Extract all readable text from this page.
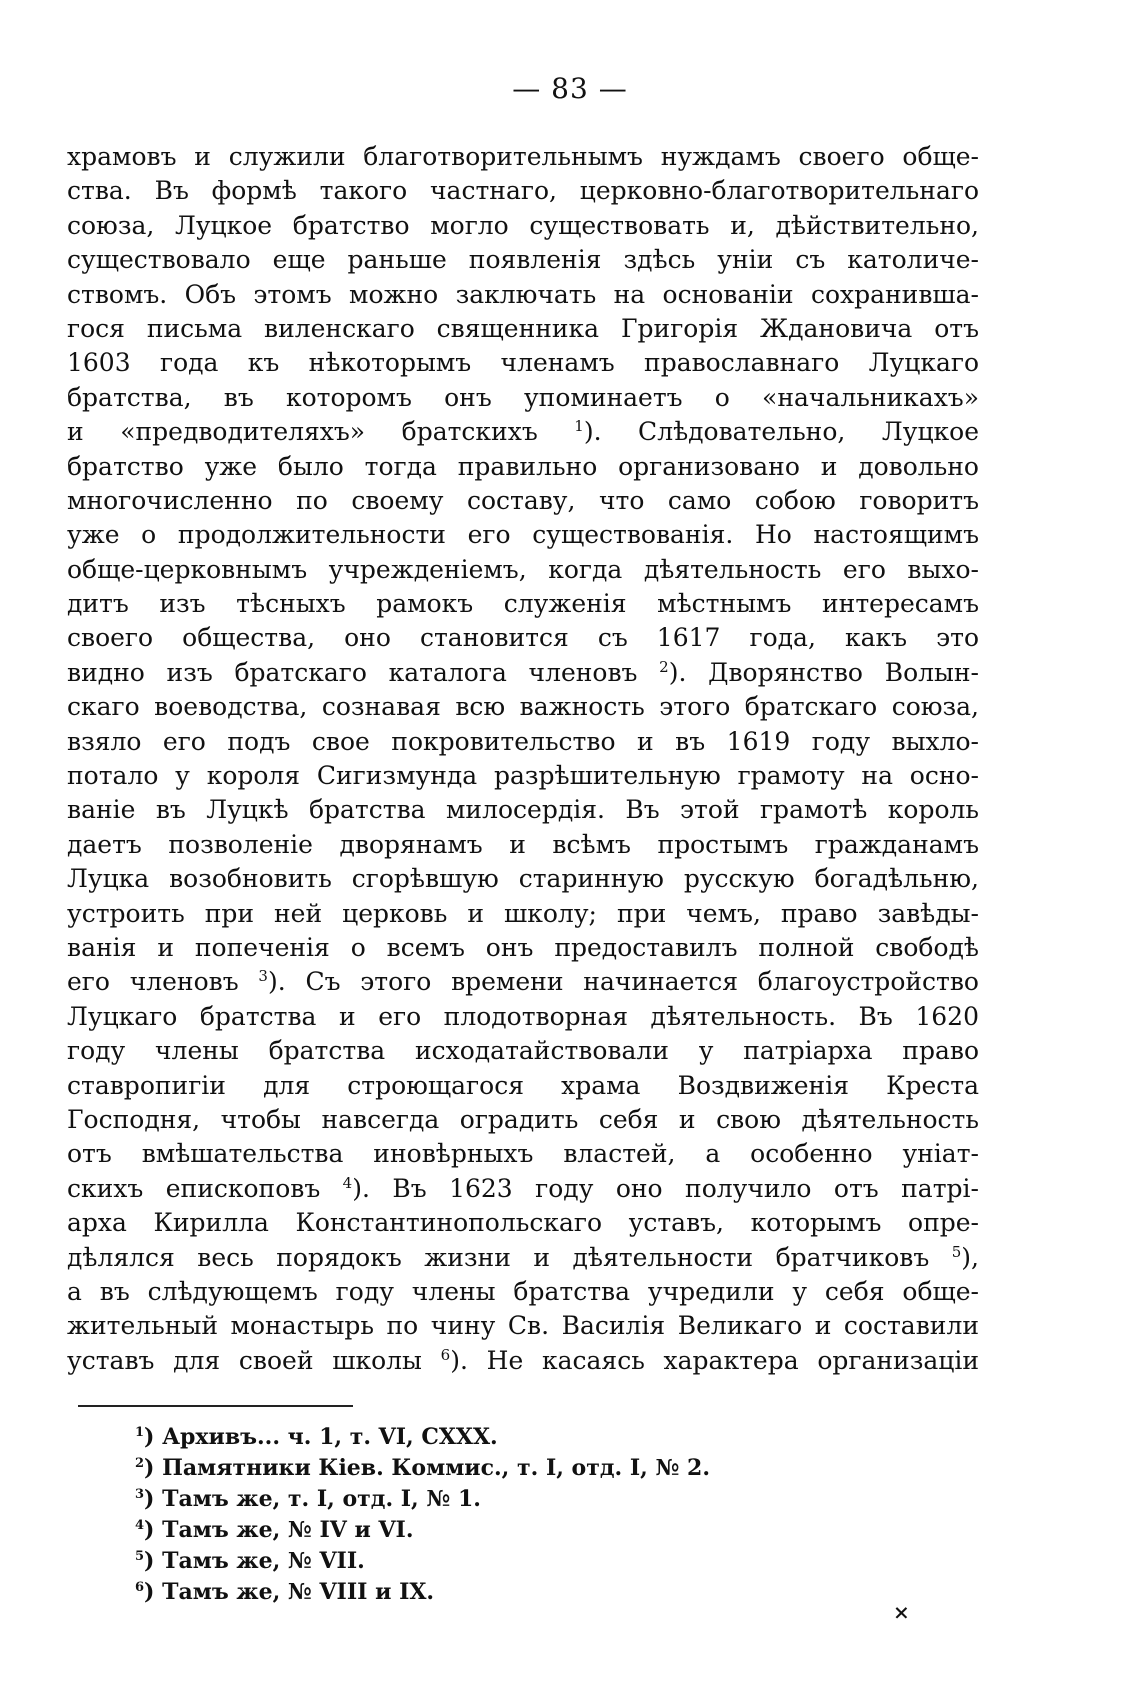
— 83 —
храмовъ и служили благотворительнымъ нуждамъ своего обще-
ства. Въ формѣ такого частнаго, церковно-благотворительнаго
союза, Луцкое братство могло существовать и, дѣйствительно,
существовало еще раньше появленія здѣсь уніи съ католиче-
ствомъ. Объ этомъ можно заключать на основаніи сохранивша-
гося письма виленскаго священника Григорія Ждановича отъ
1603 года къ нѣкоторымъ членамъ православнаго Луцкаго
братства, въ которомъ онъ упоминаетъ о «начальникахъ»
и «предводителяхъ» братскихъ $^1$). Слѣдовательно, Луцкое
братство уже было тогда правильно организовано и довольно
многочисленно по своему составу, что само собою говоритъ
уже о продолжительности его существованія. Но настоящимъ
обще-церковнымъ учрежденіемъ, когда дѣятельность его выхо-
дитъ изъ тѣсныхъ рамокъ служенія мѣстнымъ интересамъ
своего общества, оно становится съ 1617 года, какъ это
видно изъ братскаго каталога членовъ $^2$). Дворянство Волын-
скаго воеводства, сознавая всю важность этого братскаго союза,
взяло его подъ свое покровительство и въ 1619 году выхло-
потало у короля Сигизмунда разрѣшительную грамоту на осно-
ваніе въ Луцкѣ братства милосердія. Въ этой грамотѣ король
даетъ позволеніе дворянамъ и всѣмъ простымъ гражданамъ
Луцка возобновить сгорѣвшую старинную русскую богадѣльню,
устроить при ней церковь и школу; при чемъ, право завѣды-
ванія и попеченія о всемъ онъ предоставилъ полной свободѣ
его членовъ $^3$). Съ этого времени начинается благоустройство
Луцкаго братства и его плодотворная дѣятельность. Въ 1620
году члены братства исходатайствовали у патріарха право
ставропигіи для строющагося храма Воздвиженія Креста
Господня, чтобы навсегда оградить себя и свою дѣятельность
отъ вмѣшательства иновѣрныхъ властей, а особенно уніат-
скихъ епископовъ $^4$). Въ 1623 году оно получило отъ патрі-
арха Кирилла Константинопольскаго уставъ, которымъ опре-
дѣлялся весь порядокъ жизни и дѣятельности братчиковъ $^5$),
а въ слѣдующемъ году члены братства учредили у себя обще-
жительный монастырь по чину Св. Василія Великаго и составили
уставъ для своей школы $^6$). Не касаясь характера организаціи
$^1$) Архивъ... ч. 1, т. VI, CXXX.
$^2$) Памятники Кіев. Коммис., т. I, отд. I, № 2.
$^3$) Тамъ же, т. I, отд. I, № 1.
$^4$) Тамъ же, № IV и VI.
$^5$) Тамъ же, № VII.
$^6$) Тамъ же, № VIII и IX.
×
